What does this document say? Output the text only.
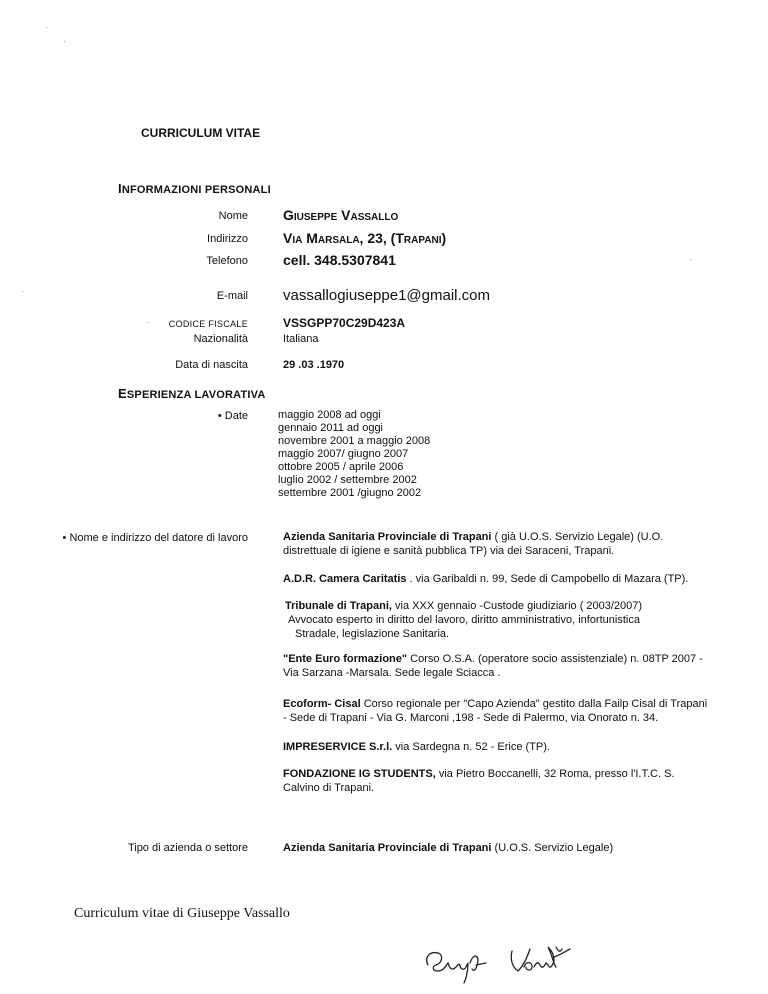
CURRICULUM VITAE
INFORMAZIONI PERSONALI
Nome	Giuseppe Vassallo
Indirizzo	Via Marsala, 23, (Trapani)
Telefono	cell. 348.5307841
E-mail vassallogiuseppe1@gmail.com
CODICE FISCALE	VSSGPP70C29D423A
Nazionalità	Italiana
Data di nascita	29 .03 .1970
ESPERIENZA LAVORATIVA
• Date	maggio 2008 ad oggi
gennaio 2011 ad oggi
novembre 2001 a maggio 2008
maggio 2007/ giugno 2007
ottobre 2005 / aprile 2006
luglio 2002 / settembre 2002
settembre 2001 /giugno 2002
• Nome e indirizzo del datore di lavoro	Azienda Sanitaria Provinciale di Trapani ( già U.O.S. Servizio Legale) (U.O. distrettuale di igiene e sanità pubblica TP) via dei Saraceni, Trapani.
A.D.R. Camera Caritatis . via Garibaldi n. 99, Sede di Campobello di Mazara (TP).
Tribunale di Trapani, via XXX gennaio -Custode giudiziario ( 2003/2007)
Avvocato esperto in diritto del lavoro, diritto amministrativo, infortunistica
Stradale, legislazione Sanitaria.
"Ente Euro formazione" Corso O.S.A. (operatore socio assistenziale) n. 08TP 2007 - Via Sarzana -Marsala. Sede legale Sciacca .
Ecoform- Cisal Corso regionale per "Capo Azienda" gestito dalla Failp Cisal di Trapani - Sede di Trapani - Via G. Marconi ,198 - Sede di Palermo, via Onorato n. 34.
IMPRESERVICE S.r.l. via Sardegna n. 52 - Erice (TP).
FONDAZIONE IG STUDENTS, via Pietro Boccanelli, 32 Roma, presso l'I.T.C. S. Calvino di Trapani.
Tipo di azienda o settore	Azienda Sanitaria Provinciale di Trapani (U.O.S. Servizio Legale)
Curriculum vitae di Giuseppe Vassallo
